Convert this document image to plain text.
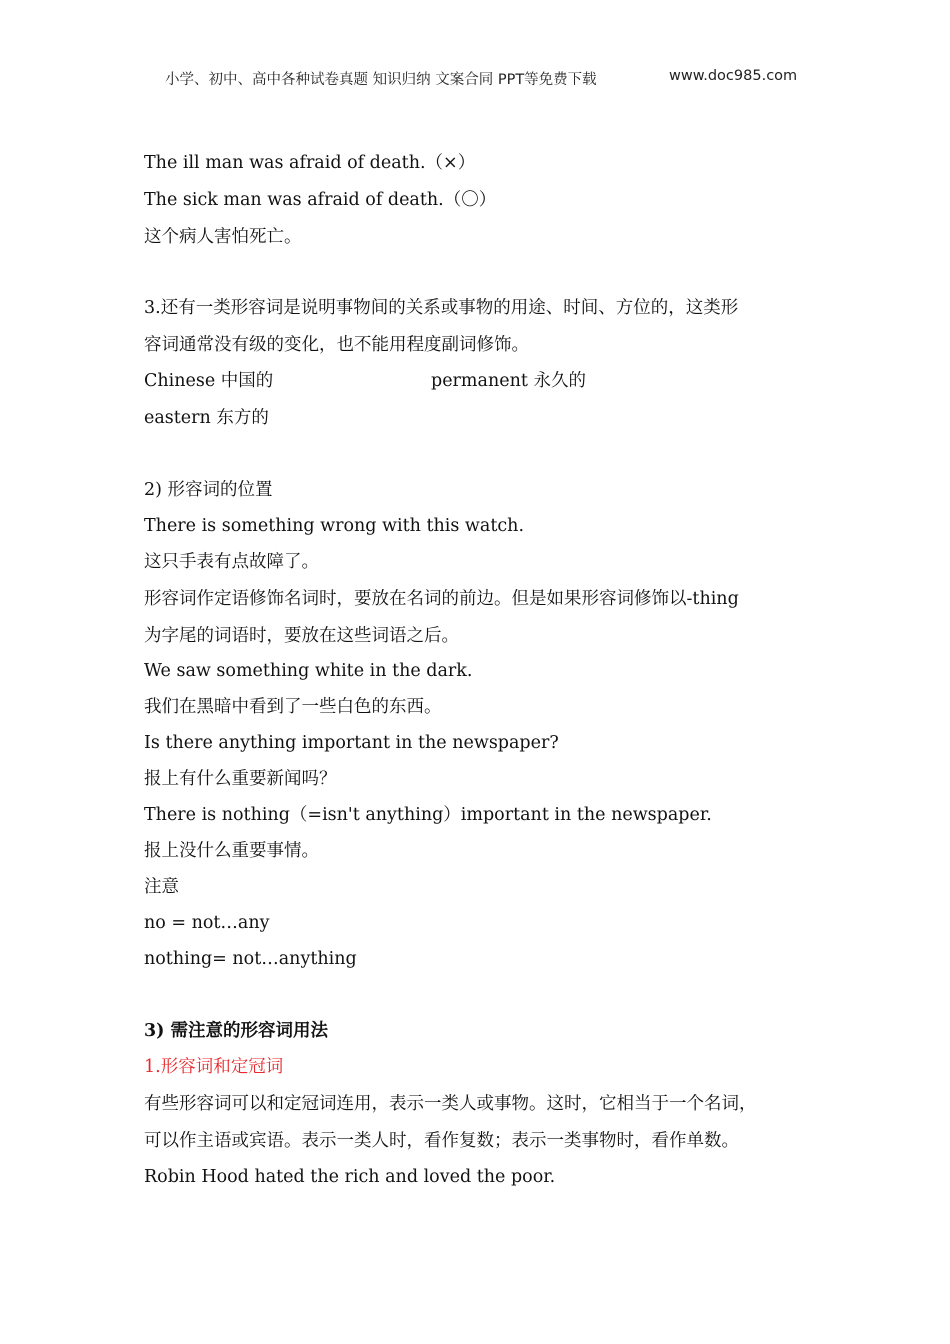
小学、初中、高中各种试卷真题 知识归纳 文案合同 PPT等免费下载	www.doc985.com
The ill man was afraid of death.（×）
The sick man was afraid of death.（〇）
这个病人害怕死亡。
3.还有一类形容词是说明事物间的关系或事物的用途、时间、方位的，这类形
容词通常没有级的变化，也不能用程度副词修饰。
Chinese 中国的	permanent 永久的
eastern 东方的
2) 形容词的位置
There is something wrong with this watch.
这只手表有点故障了。
形容词作定语修饰名词时，要放在名词的前边。但是如果形容词修饰以-thing
为字尾的词语时，要放在这些词语之后。
We saw something white in the dark.
我们在黑暗中看到了一些白色的东西。
Is there anything important in the newspaper?
报上有什么重要新闻吗？
There is nothing（=isn't anything）important in the newspaper.
报上没什么重要事情。
注意
no = not…any
nothing= not…anything
3) 需注意的形容词用法
1.形容词和定冠词
有些形容词可以和定冠词连用，表示一类人或事物。这时，它相当于一个名词，
可以作主语或宾语。表示一类人时，看作复数；表示一类事物时，看作单数。
Robin Hood hated the rich and loved the poor.
